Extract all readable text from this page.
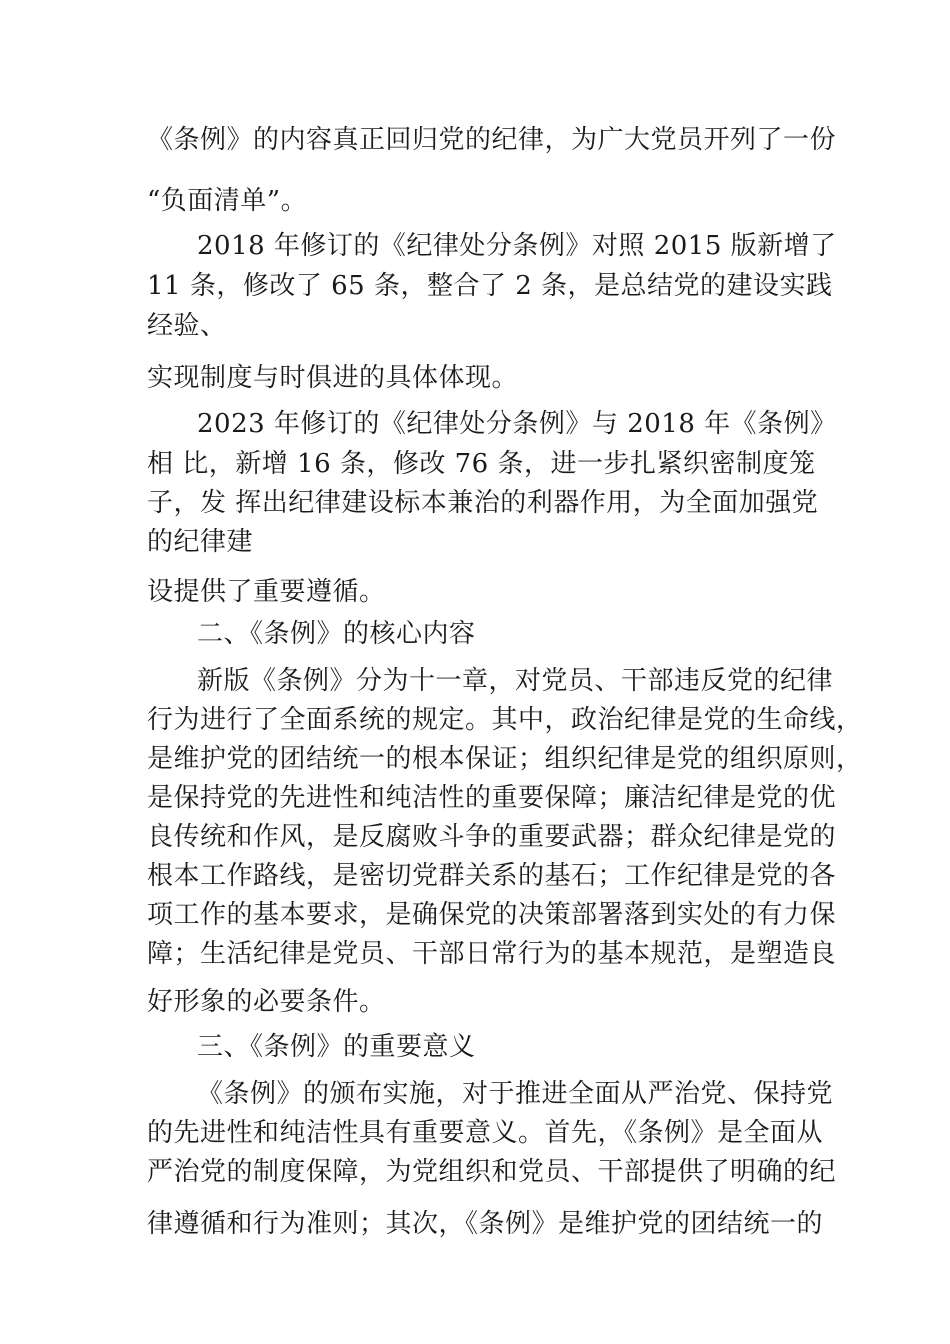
《条例》的内容真正回归党的纪律，为广大党员开列了一份
“负面清单”。
2018 年修订的《纪律处分条例》对照 2015 版新增了
11 条，修改了 65 条，整合了 2 条，是总结党的建设实践
经验、
实现制度与时俱进的具体体现。
2023 年修订的《纪律处分条例》与 2018 年《条例》
相 比，新增 16 条，修改 76 条，进一步扎紧织密制度笼
子，发 挥出纪律建设标本兼治的利器作用，为全面加强党
的纪律建
设提供了重要遵循。
二、《条例》的核心内容
新版《条例》分为十一章，对党员、干部违反党的纪律
行为进行了全面系统的规定。其中，政治纪律是党的生命线，
是维护党的团结统一的根本保证；组织纪律是党的组织原则，
是保持党的先进性和纯洁性的重要保障；廉洁纪律是党的优
良传统和作风，是反腐败斗争的重要武器；群众纪律是党的
根本工作路线，是密切党群关系的基石；工作纪律是党的各
项工作的基本要求，是确保党的决策部署落到实处的有力保
障；生活纪律是党员、干部日常行为的基本规范，是塑造良
好形象的必要条件。
三、《条例》的重要意义
《条例》的颁布实施，对于推进全面从严治党、保持党
的先进性和纯洁性具有重要意义。首先，《条例》是全面从
严治党的制度保障，为党组织和党员、干部提供了明确的纪
律遵循和行为准则；其次，《条例》是维护党的团结统一的
